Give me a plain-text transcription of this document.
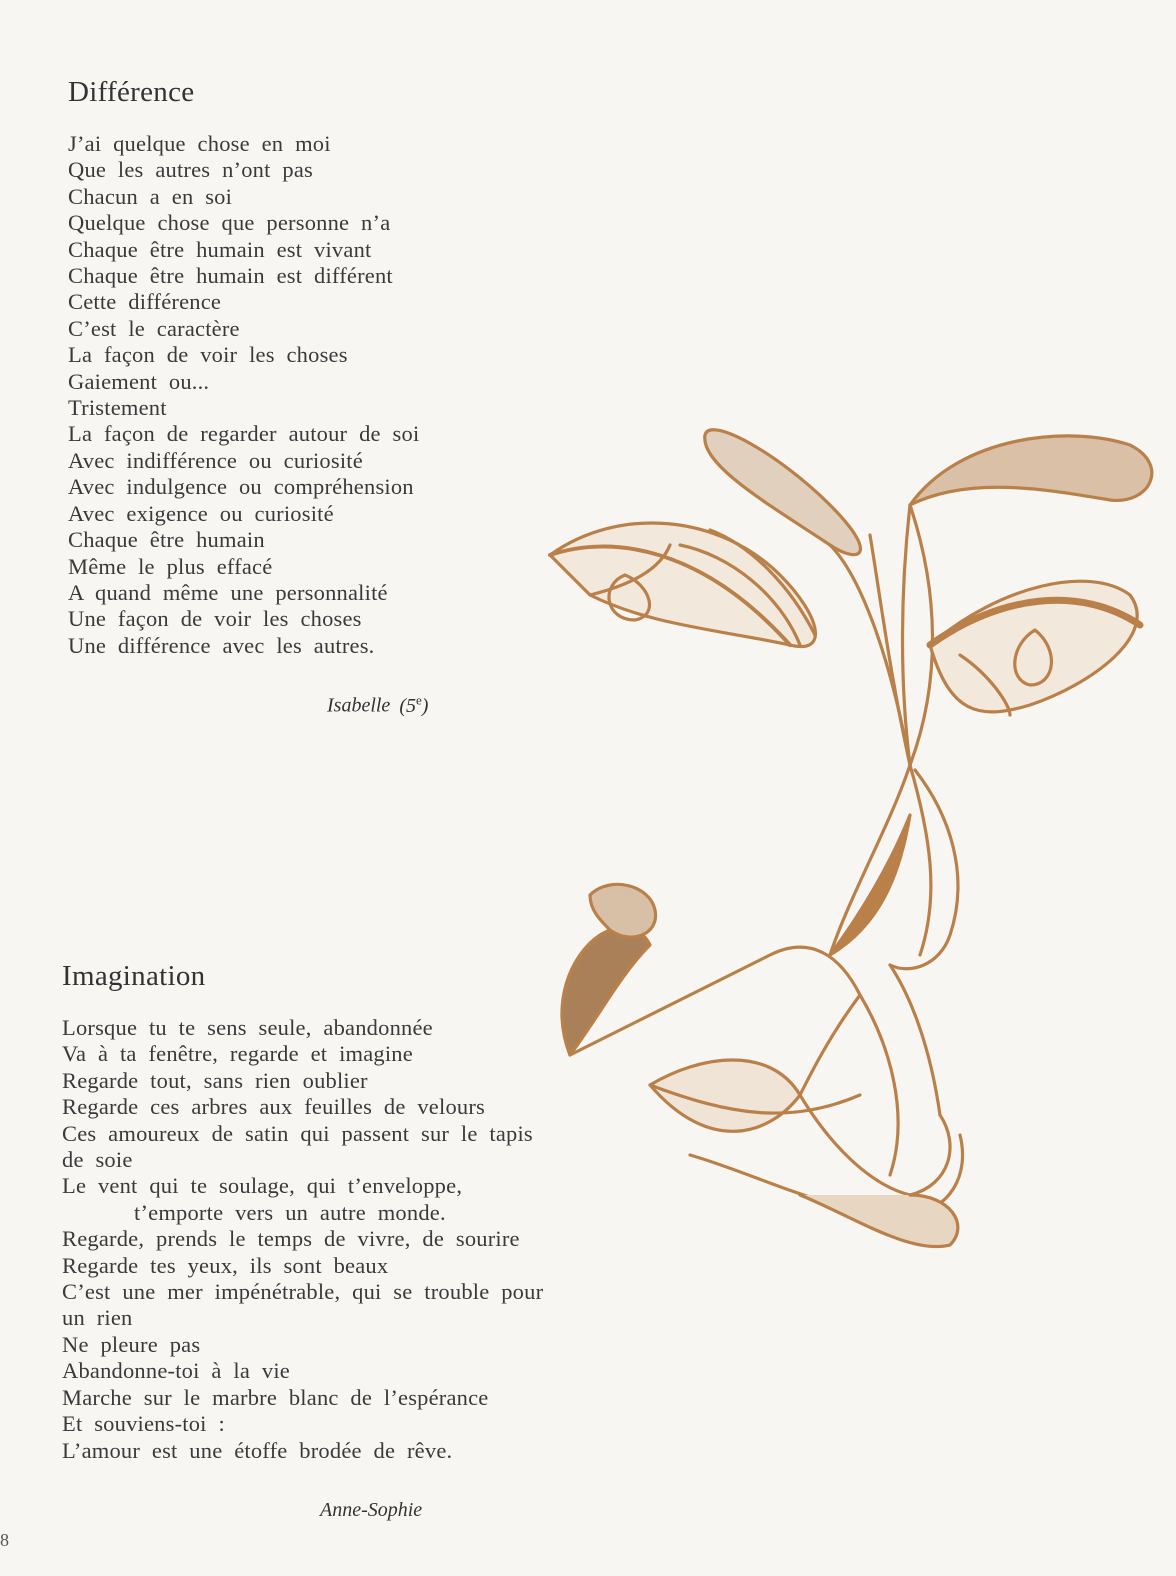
Différence
J’ai quelque chose en moi
Que les autres n’ont pas
Chacun a en soi
Quelque chose que personne n’a
Chaque être humain est vivant
Chaque être humain est différent
Cette différence
C’est le caractère
La façon de voir les choses
Gaiement ou...
Tristement
La façon de regarder autour de soi
Avec indifférence ou curiosité
Avec indulgence ou compréhension
Avec exigence ou curiosité
Chaque être humain
Même le plus effacé
A quand même une personnalité
Une façon de voir les choses
Une différence avec les autres.
Isabelle (5e)
Imagination
Lorsque tu te sens seule, abandonnée
Va à ta fenêtre, regarde et imagine
Regarde tout, sans rien oublier
Regarde ces arbres aux feuilles de velours
Ces amoureux de satin qui passent sur le tapis
de soie
Le vent qui te soulage, qui t’enveloppe,
t’emporte vers un autre monde.
Regarde, prends le temps de vivre, de sourire
Regarde tes yeux, ils sont beaux
C’est une mer impénétrable, qui se trouble pour
un rien
Ne pleure pas
Abandonne-toi à la vie
Marche sur le marbre blanc de l’espérance
Et souviens-toi :
L’amour est une étoffe brodée de rêve.
Anne-Sophie
8
